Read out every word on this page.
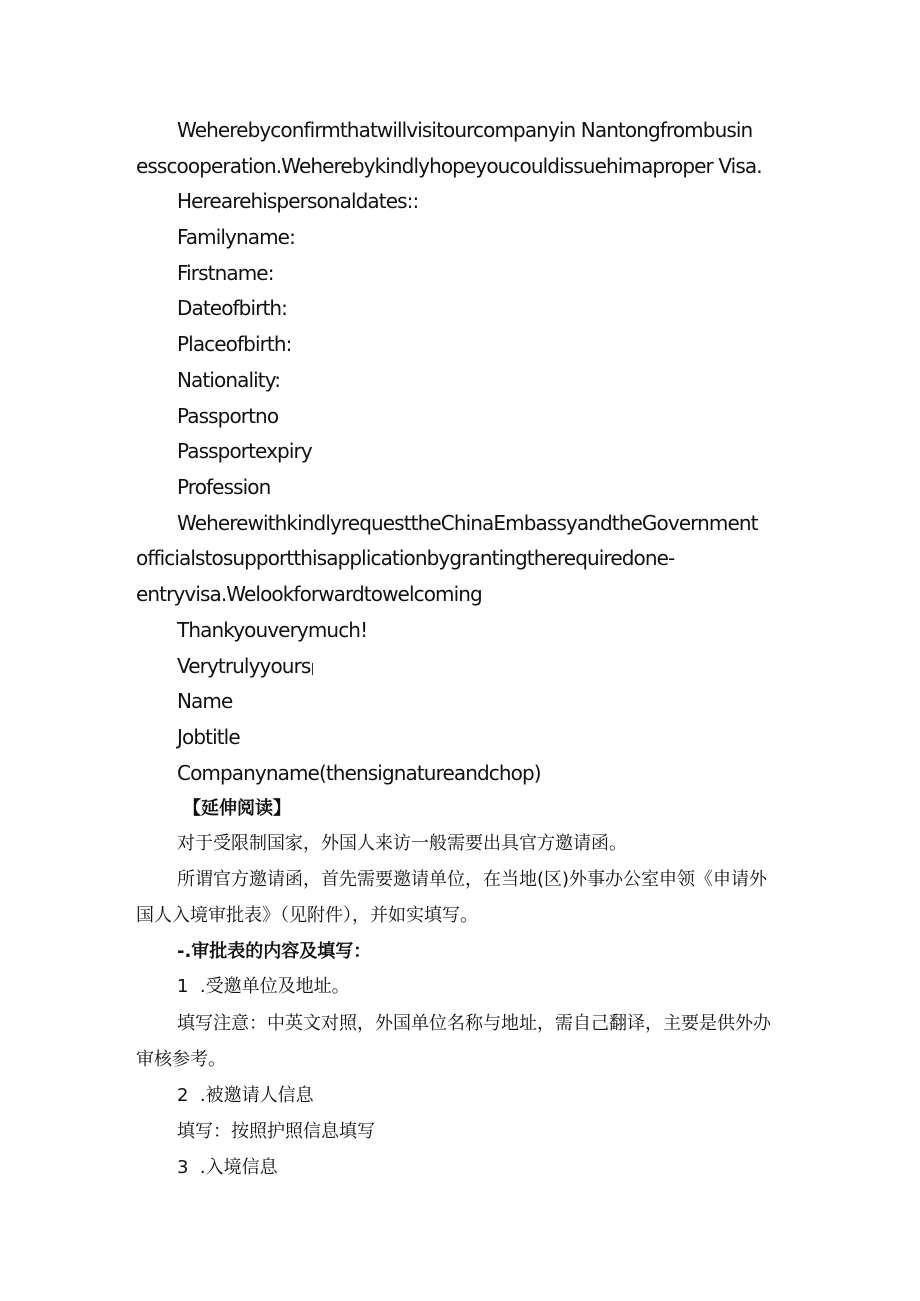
Weherebyconfirmthatwillvisitourcompanyin Nantongfrombusin
esscooperation.Weherebykindlyhopeyoucouldissuehimaproper Visa.
Herearehispersonaldates::
Familyname:
Firstname:
Dateofbirth:
Placeofbirth:
Nationality:
Passportno
Passportexpiry
Profession
WeherewithkindlyrequesttheChinaEmbassyandtheGovernment
officialstosupportthisapplicationbygrantingtherequiredone-
entryvisa.Welookforwardtowelcoming
Thankyouverymuch!
Verytrulyyours
Name
Jobtitle
Companyname(thensignatureandchop)
【延伸阅读】
对于受限制国家，外国人来访一般需要出具官方邀请函。
所谓官方邀请函，首先需要邀请单位，在当地(区)外事办公室申领《申请外
国人入境审批表》（见附件），并如实填写。
-.审批表的内容及填写：
1  .受邀单位及地址。
填写注意：中英文对照，外国单位名称与地址，需自己翻译，主要是供外办
审核参考。
2  .被邀请人信息
填写：按照护照信息填写
3  .入境信息
